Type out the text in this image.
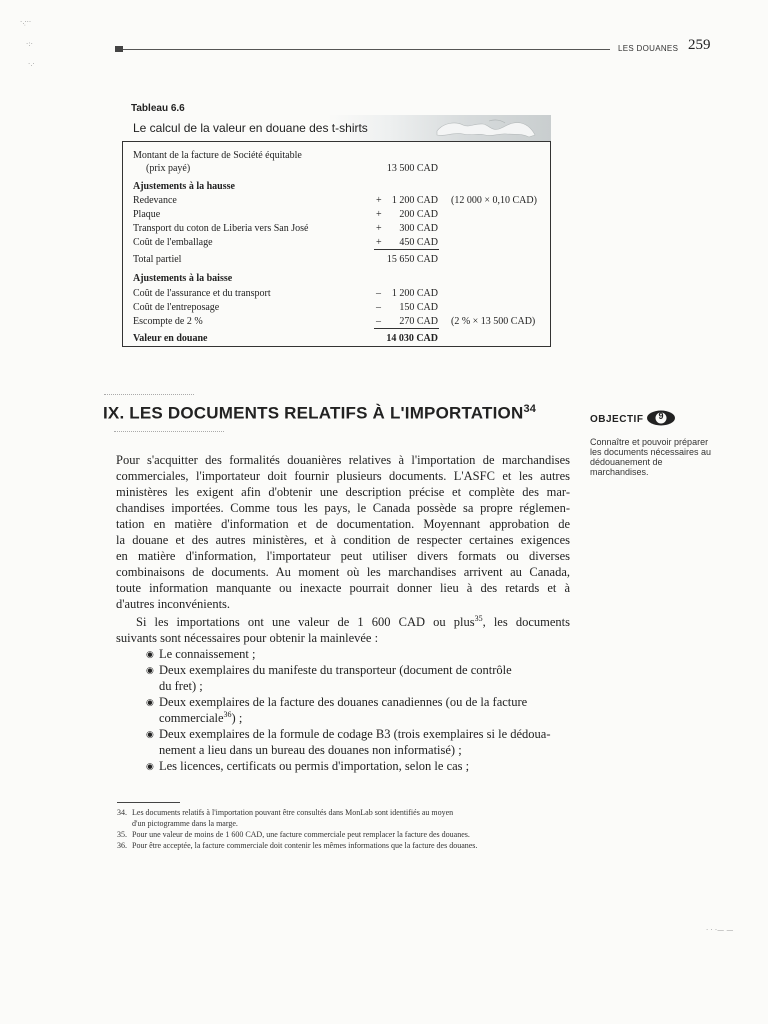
·.·̣··
·:·
·.·
· · ·— —
LES DOUANES 259
Tableau 6.6
Le calcul de la valeur en douane des t-shirts
Montant de la facture de Société équitable
(prix payé)	13 500 CAD
Ajustements à la hausse
Redevance	+	1 200 CAD (12 000 × 0,10 CAD)
Plaque	+	200 CAD
Transport du coton de Liberia vers San José	+	300 CAD
Coût de l'emballage	+	450 CAD
Total partiel	15 650 CAD
Ajustements à la baisse
Coût de l'assurance et du transport	–	1 200 CAD
Coût de l'entreposage	–	150 CAD
Escompte de 2 %	–	270 CAD (2 % × 13 500 CAD)
Valeur en douane	14 030 CAD
IX. LES DOCUMENTS RELATIFS À L'IMPORTATION$^{34}$
OBJECTIF	9
Connaître et pouvoir préparer les documents nécessaires au dédouanement de marchandises.
Pour s'acquitter des formalités douanières relatives à l'importation de marchandises
commerciales, l'importateur doit fournir plusieurs documents. L'ASFC et les autres
ministères les exigent afin d'obtenir une description précise et complète des mar-
chandises importées. Comme tous les pays, le Canada possède sa propre réglemen-
tation en matière d'information et de documentation. Moyennant approbation de
la douane et des autres ministères, et à condition de respecter certaines exigences
en matière d'information, l'importateur peut utiliser divers formats ou diverses
combinaisons de documents. Au moment où les marchandises arrivent au Canada,
toute information manquante ou inexacte pourrait donner lieu à des retards et à
d'autres inconvénients.
Si les importations ont une valeur de 1 600 CAD ou plus$^{35}$, les documents
suivants sont nécessaires pour obtenir la mainlevée :
◉ Le connaissement ;
◉ Deux exemplaires du manifeste du transporteur (document de contrôle
du fret) ;
◉ Deux exemplaires de la facture des douanes canadiennes (ou de la facture
commerciale$^{36}$) ;
◉ Deux exemplaires de la formule de codage B3 (trois exemplaires si le dédoua-
nement a lieu dans un bureau des douanes non informatisé) ;
◉ Les licences, certificats ou permis d'importation, selon le cas ;
34. Les documents relatifs à l'importation pouvant être consultés dans MonLab sont identifiés au moyen
d'un pictogramme dans la marge.
35. Pour une valeur de moins de 1 600 CAD, une facture commerciale peut remplacer la facture des douanes.
36. Pour être acceptée, la facture commerciale doit contenir les mêmes informations que la facture des douanes.
